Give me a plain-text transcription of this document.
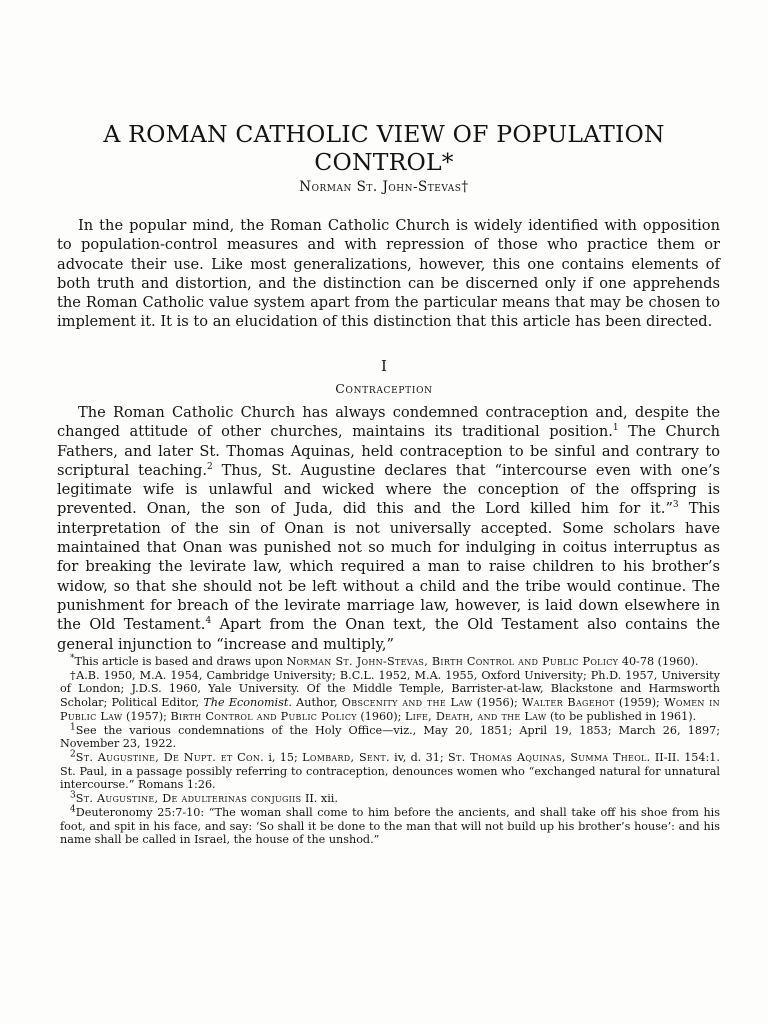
A ROMAN CATHOLIC VIEW OF POPULATION CONTROL*
Norman St. John-Stevas†

In the popular mind, the Roman Catholic Church is widely identified with opposition to population-control measures and with repression of those who practice them or advocate their use. Like most generalizations, however, this one contains elements of both truth and distortion, and the distinction can be discerned only if one apprehends the Roman Catholic value system apart from the particular means that may be chosen to implement it. It is to an elucidation of this distinction that this article has been directed.

I
Contraception

The Roman Catholic Church has always condemned contraception and, despite the changed attitude of other churches, maintains its traditional position.$^1$ The Church Fathers, and later St. Thomas Aquinas, held contraception to be sinful and contrary to scriptural teaching.$^2$ Thus, St. Augustine declares that “intercourse even with one’s legitimate wife is unlawful and wicked where the conception of the offspring is prevented. Onan, the son of Juda, did this and the Lord killed him for it.”$^3$ This interpretation of the sin of Onan is not universally accepted. Some scholars have maintained that Onan was punished not so much for indulging in coitus interruptus as for breaking the levirate law, which required a man to raise children to his brother’s widow, so that she should not be left without a child and the tribe would continue. The punishment for breach of the levirate marriage law, however, is laid down elsewhere in the Old Testament.$^4$ Apart from the Onan text, the Old Testament also contains the general injunction to “increase and multiply,”

*This article is based and draws upon Norman St. John-Stevas, Birth Control and Public Policy 40-78 (1960).

†A.B. 1950, M.A. 1954, Cambridge University; B.C.L. 1952, M.A. 1955, Oxford University; Ph.D. 1957, University of London; J.D.S. 1960, Yale University. Of the Middle Temple, Barrister-at-law, Blackstone and Harmsworth Scholar; Political Editor, The Economist. Author, Obscenity and the Law (1956); Walter Bagehot (1959); Women in Public Law (1957); Birth Control and Public Policy (1960); Life, Death, and the Law (to be published in 1961).

$^1$See the various condemnations of the Holy Office—viz., May 20, 1851; April 19, 1853; March 26, 1897; November 23, 1922.

$^2$St. Augustine, De Nupt. et Con. i, 15; Lombard, Sent. iv, d. 31; St. Thomas Aquinas, Summa Theol. II-II. 154:1. St. Paul, in a passage possibly referring to contraception, denounces women who “exchanged natural for unnatural intercourse.” Romans 1:26.

$^3$St. Augustine, De adulterinas conjugiis II. xii.

$^4$Deuteronomy 25:7-10: “The woman shall come to him before the ancients, and shall take off his shoe from his foot, and spit in his face, and say: ‘So shall it be done to the man that will not build up his brother’s house’: and his name shall be called in Israel, the house of the unshod.”
